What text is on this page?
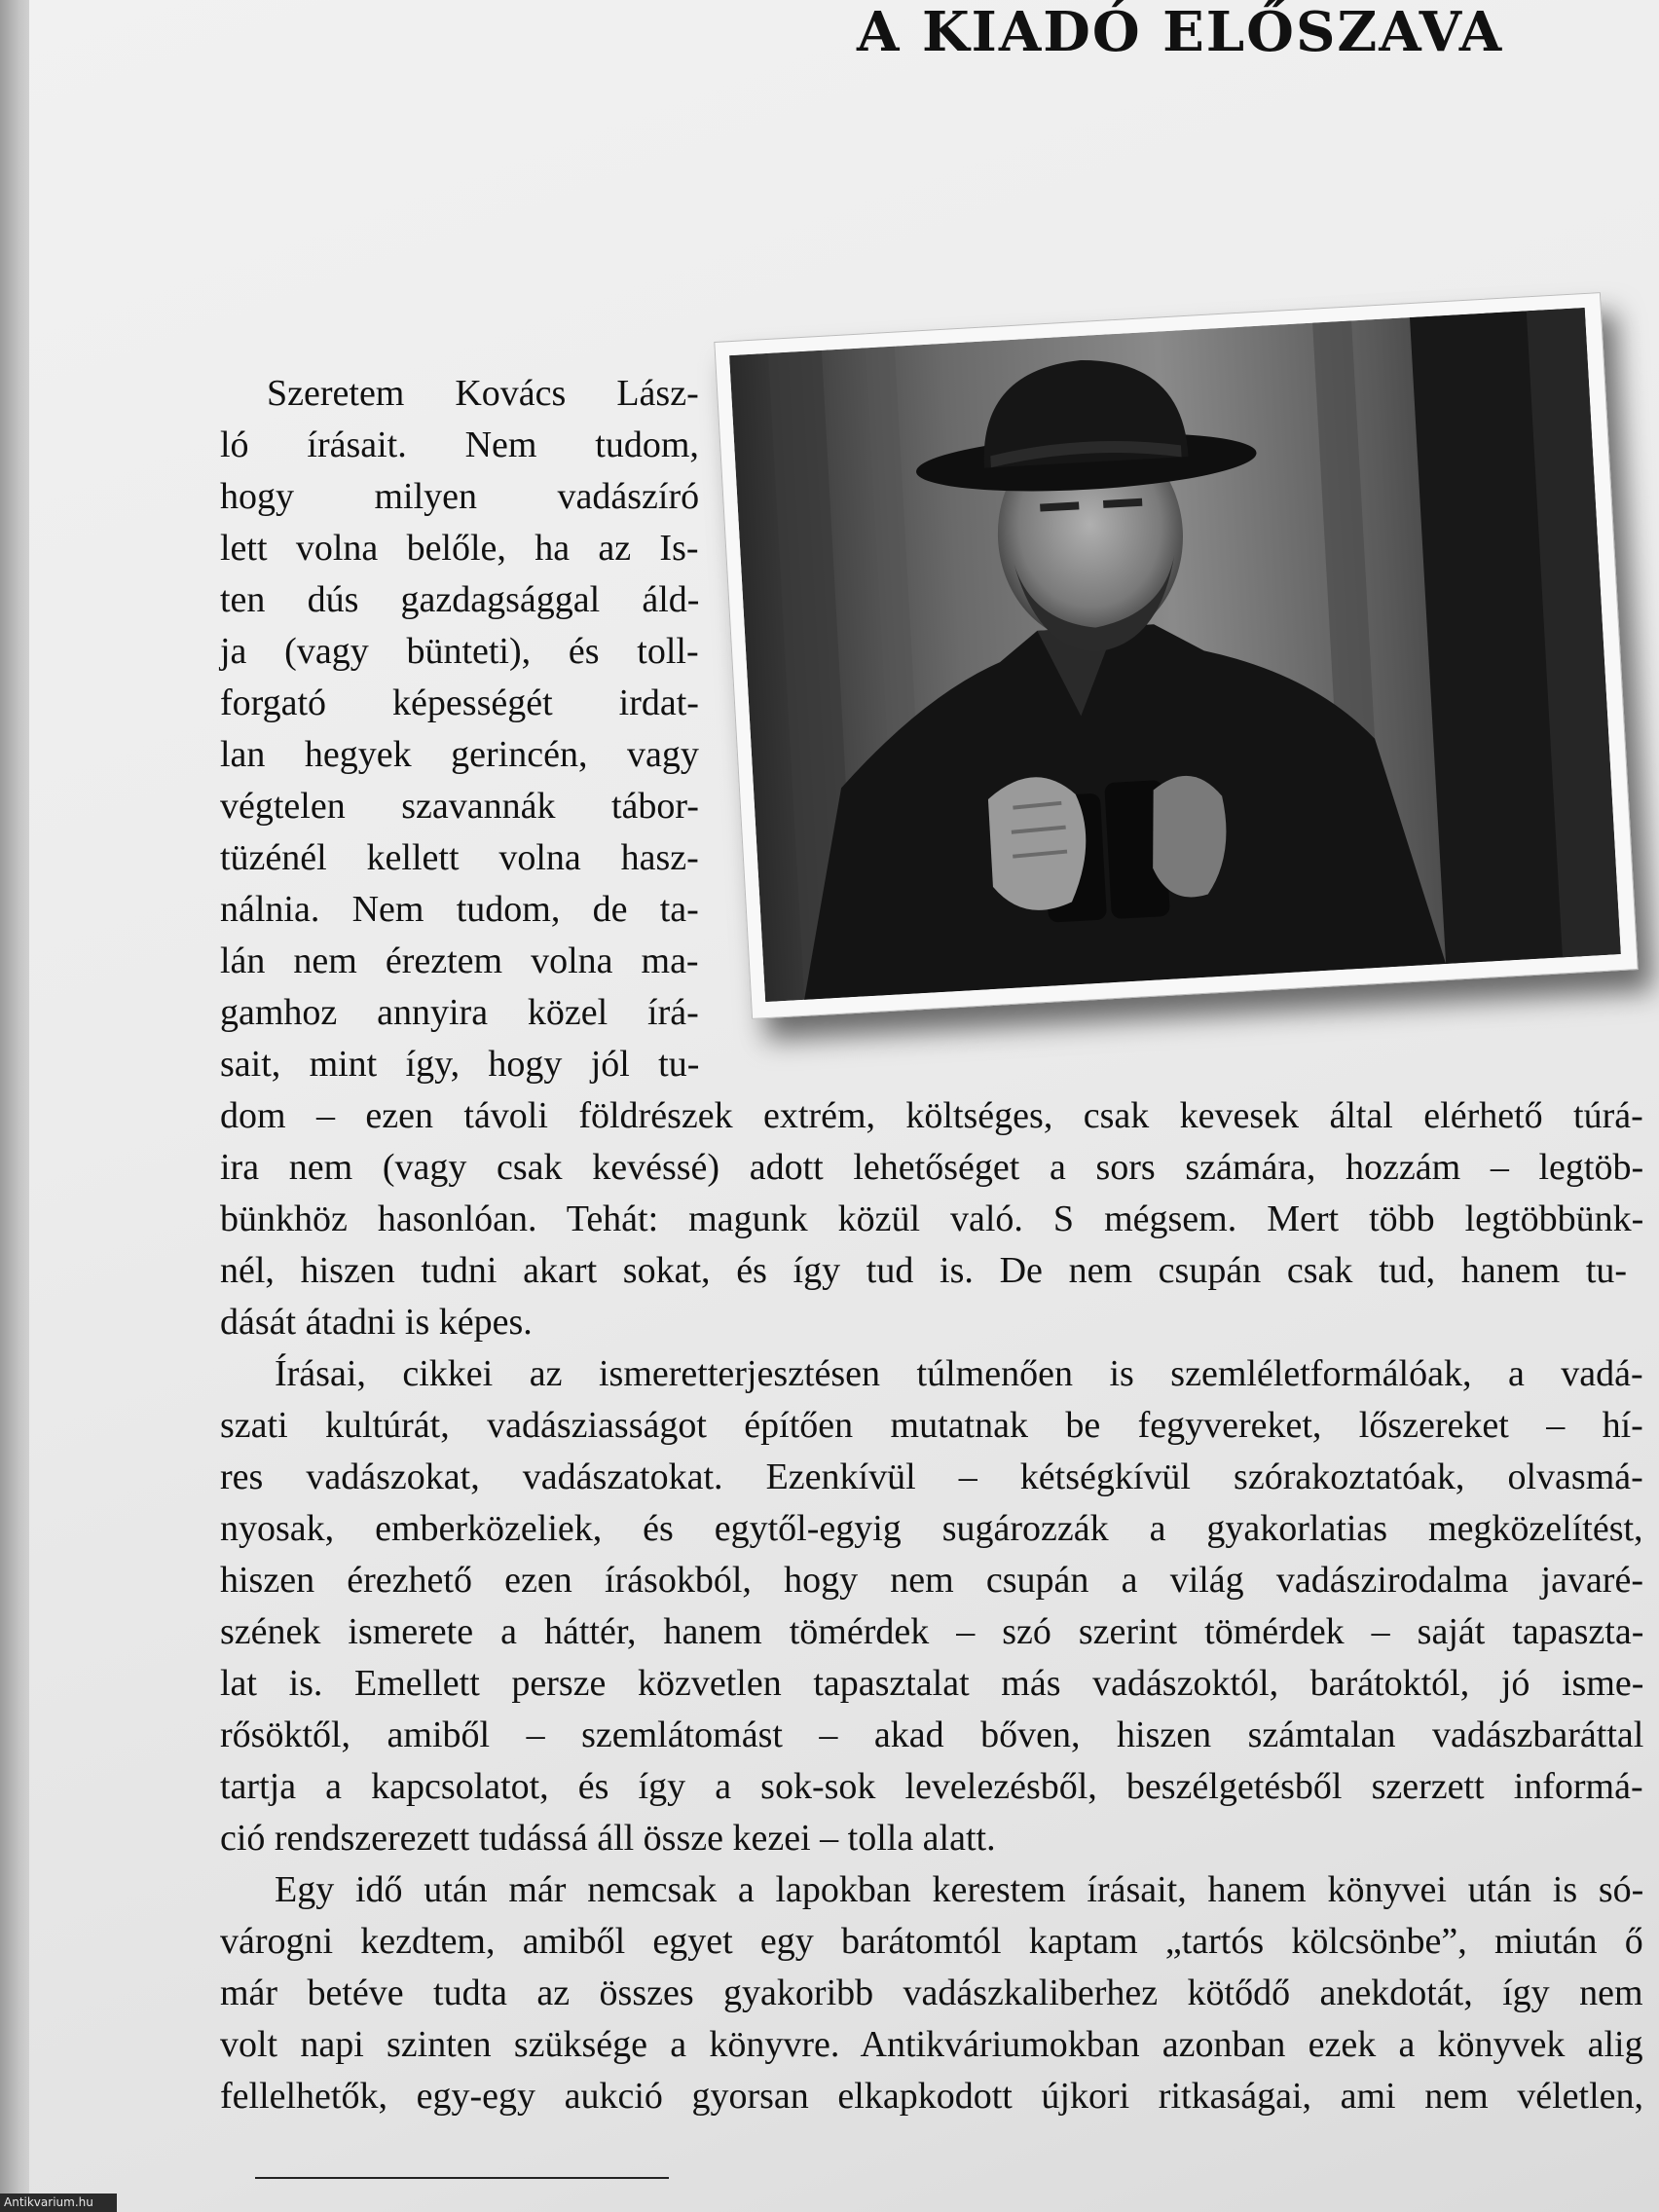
A KIADÓ ELŐSZAVA
Szeretem Kovács Lász-
ló írásait. Nem tudom,
hogy milyen vadászíró
lett volna belőle, ha az Is-
ten dús gazdagsággal áld-
ja (vagy bünteti), és toll-
forgató képességét irdat-
lan hegyek gerincén, vagy
végtelen szavannák tábor-
tüzénél kellett volna hasz-
nálnia. Nem tudom, de ta-
lán nem éreztem volna ma-
gamhoz annyira közel írá-
sait, mint így, hogy jól tu-
dom – ezen távoli földrészek extrém, költséges, csak kevesek által elérhető túrá-
ira nem (vagy csak kevéssé) adott lehetőséget a sors számára, hozzám – legtöb-
bünkhöz hasonlóan. Tehát: magunk közül való. S mégsem. Mert több legtöbbünk-
nél, hiszen tudni akart sokat, és így tud is. De nem csupán csak tud, hanem tu-
dását átadni is képes.
Írásai, cikkei az ismeretterjesztésen túlmenően is szemléletformálóak, a vadá-
szati kultúrát, vadásziasságot építően mutatnak be fegyvereket, lőszereket – hí-
res vadászokat, vadászatokat. Ezenkívül – kétségkívül szórakoztatóak, olvasmá-
nyosak, emberközeliek, és egytől-egyig sugározzák a gyakorlatias megközelítést,
hiszen érezhető ezen írásokból, hogy nem csupán a világ vadászirodalma javaré-
szének ismerete a háttér, hanem tömérdek – szó szerint tömérdek – saját tapaszta-
lat is. Emellett persze közvetlen tapasztalat más vadászoktól, barátoktól, jó isme-
rősöktől, amiből – szemlátomást – akad bőven, hiszen számtalan vadászbaráttal
tartja a kapcsolatot, és így a sok-sok levelezésből, beszélgetésből szerzett informá-
ció rendszerezett tudássá áll össze kezei – tolla alatt.
Egy idő után már nemcsak a lapokban kerestem írásait, hanem könyvei után is só-
várogni kezdtem, amiből egyet egy barátomtól kaptam „tartós kölcsönbe”, miután ő
már betéve tudta az összes gyakoribb vadászkaliberhez kötődő anekdotát, így nem
volt napi szinten szüksége a könyvre. Antikváriumokban azonban ezek a könyvek alig
fellelhetők, egy-egy aukció gyorsan elkapkodott újkori ritkaságai, ami nem véletlen,
Antikvarium.hu
